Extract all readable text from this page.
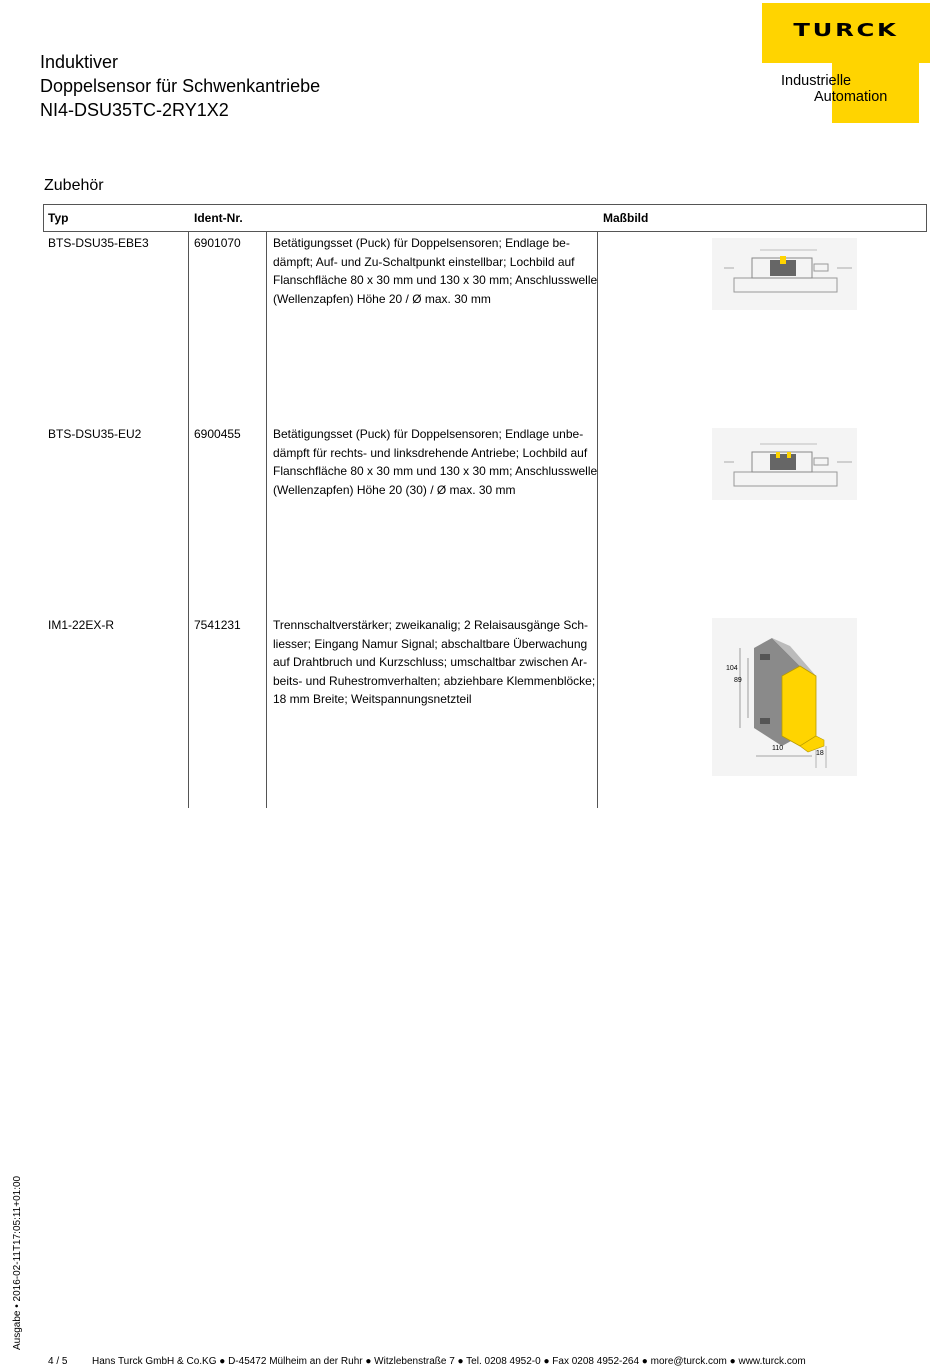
Induktiver
Doppelsensor für Schwenkantriebe
NI4-DSU35TC-2RY1X2
TURCK
Industrielle
Automation
Zubehör
Typ	Ident-Nr.	Maßbild
BTS-DSU35-EBE3	6901070	Betätigungsset (Puck) für Doppelsensoren; Endlage be-
dämpft; Auf- und Zu-Schaltpunkt einstellbar; Lochbild auf
Flanschfläche 80 x 30 mm und 130 x 30 mm; Anschlusswelle
(Wellenzapfen) Höhe 20 / Ø max. 30 mm
BTS-DSU35-EU2	6900455	Betätigungsset (Puck) für Doppelsensoren; Endlage unbe-
dämpft für rechts- und linksdrehende Antriebe; Lochbild auf
Flanschfläche 80 x 30 mm und 130 x 30 mm; Anschlusswelle
(Wellenzapfen) Höhe 20 (30) / Ø max. 30 mm
IM1-22EX-R	7541231	Trennschaltverstärker; zweikanalig; 2 Relaisausgänge Sch-
liesser; Eingang Namur Signal; abschaltbare Überwachung
auf Drahtbruch und Kurzschluss; umschaltbar zwischen Ar-
beits- und Ruhestromverhalten; abziehbare Klemmenblöcke;
18 mm Breite; Weitspannungsnetzteil
104
89
110
18
Ausgabe • 2016-02-11T17:05:11+01:00
4 / 5 Hans Turck GmbH & Co.KG ● D-45472 Mülheim an der Ruhr ● Witzlebenstraße 7 ● Tel. 0208 4952-0 ● Fax 0208 4952-264 ● more@turck.com ● www.turck.com
